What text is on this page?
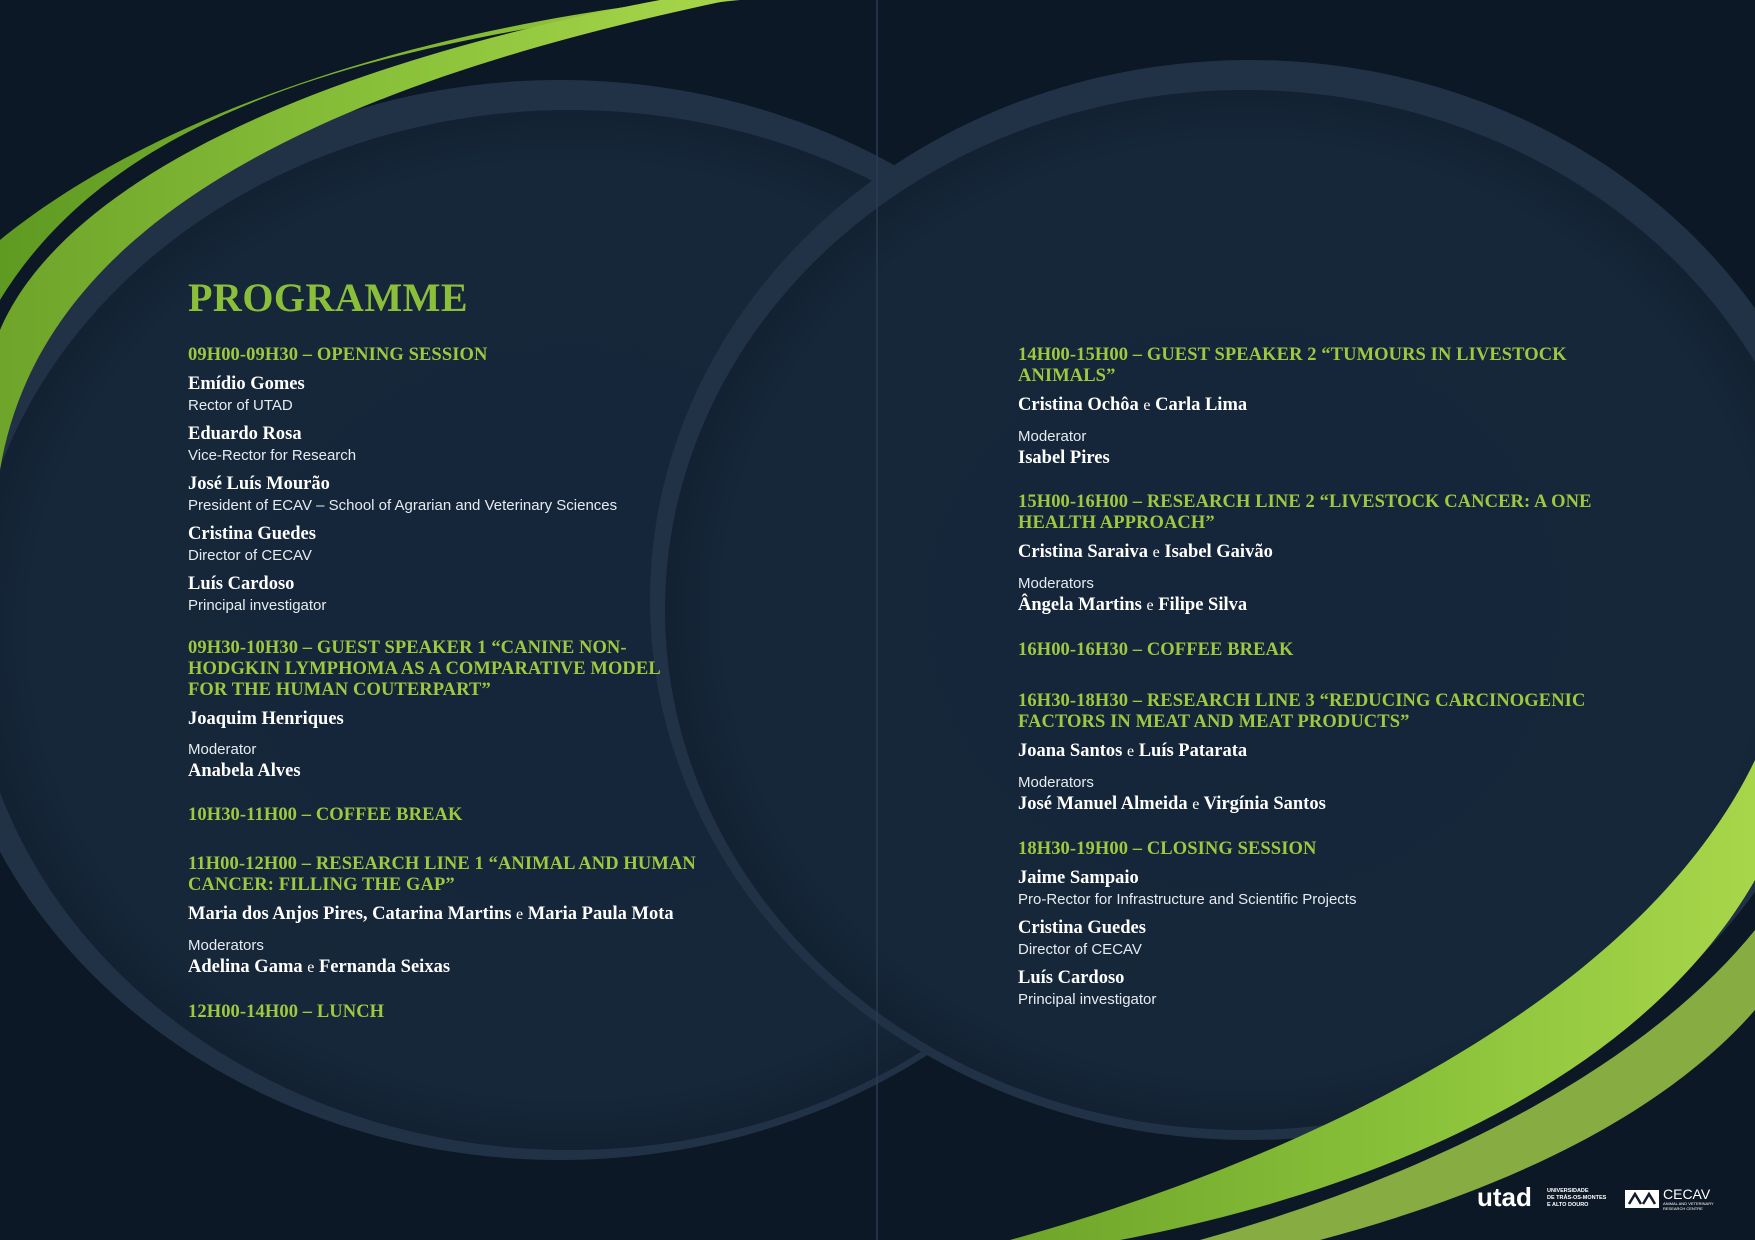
PROGRAMME
09H00-09H30 – OPENING SESSION
Emídio Gomes
Rector of UTAD
Eduardo Rosa
Vice-Rector for Research
José Luís Mourão
President of ECAV – School of Agrarian and Veterinary Sciences
Cristina Guedes
Director of CECAV
Luís Cardoso
Principal investigator
09H30-10H30 – GUEST SPEAKER 1 “CANINE NON-HODGKIN LYMPHOMA AS A COMPARATIVE MODEL FOR THE HUMAN COUTERPART”
Joaquim Henriques
Moderator
Anabela Alves
10H30-11H00 – COFFEE BREAK
11H00-12H00 – RESEARCH LINE 1 “ANIMAL AND HUMAN CANCER: FILLING THE GAP”
Maria dos Anjos Pires, Catarina Martins e Maria Paula Mota
Moderators
Adelina Gama e Fernanda Seixas
12H00-14H00 – LUNCH
14H00-15H00 – GUEST SPEAKER 2 “TUMOURS IN LIVESTOCK ANIMALS”
Cristina Ochôa e Carla Lima
Moderator
Isabel Pires
15H00-16H00 – RESEARCH LINE 2 “LIVESTOCK CANCER: A ONE HEALTH APPROACH”
Cristina Saraiva e Isabel Gaivão
Moderators
Ângela Martins e Filipe Silva
16H00-16H30 – COFFEE BREAK
16H30-18H30 – RESEARCH LINE 3 “REDUCING CARCINOGENIC FACTORS IN MEAT AND MEAT PRODUCTS”
Joana Santos e Luís Patarata
Moderators
José Manuel Almeida e Virgínia Santos
18H30-19H00 – CLOSING SESSION
Jaime Sampaio
Pro-Rector for Infrastructure and Scientific Projects
Cristina Guedes
Director of CECAV
Luís Cardoso
Principal investigator
utad	UNIVERSIDADE
DE TRÁS-OS-MONTES
E ALTO DOURO
CECAV
ANIMAL AND VETERINARY
RESEARCH CENTRE
